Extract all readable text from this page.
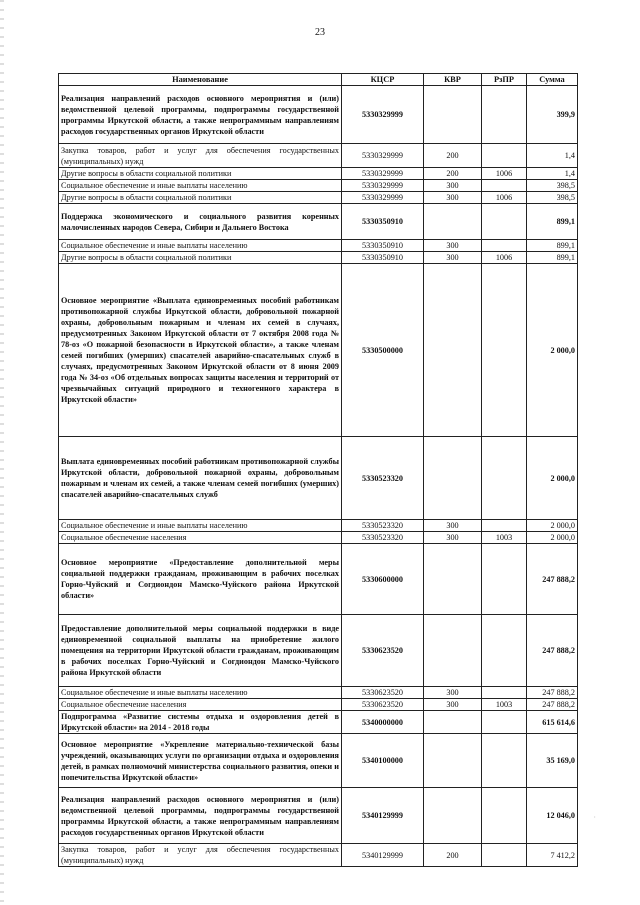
23
·
Наименование	КЦСР	КВР	РзПР	Сумма
Реализация направлений расходов основного мероприятия и (или) ведомственной целевой программы, подпрограммы государственной программы Иркутской области, а также непрограммным направлениям расходов государственных органов Иркутской области	5330329999			399,9
Закупка товаров, работ и услуг для обеспечения государственных (муниципальных) нужд	5330329999	200		1,4
Другие вопросы в области социальной политики	5330329999	200	1006	1,4
Социальное обеспечение и иные выплаты населению	5330329999	300		398,5
Другие вопросы в области социальной политики	5330329999	300	1006	398,5
Поддержка экономического и социального развития коренных малочисленных народов Севера, Сибири и Дальнего Востока	5330350910			899,1
Социальное обеспечение и иные выплаты населению	5330350910	300		899,1
Другие вопросы в области социальной политики	5330350910	300	1006	899,1
Основное мероприятие «Выплата единовременных пособий работникам противопожарной службы Иркутской области, добровольной пожарной охраны, добровольным пожарным и членам их семей в случаях, предусмотренных Законом Иркутской области от 7 октября 2008 года № 78-оз «О пожарной безопасности в Иркутской области», а также членам семей погибших (умерших) спасателей аварийно-спасательных служб в случаях, предусмотренных Законом Иркутской области от 8 июня 2009 года № 34-оз «Об отдельных вопросах защиты населения и территорий от чрезвычайных ситуаций природного и техногенного характера в Иркутской области»	5330500000			2 000,0
Выплата единовременных пособий работникам противопожарной службы Иркутской области, добровольной пожарной охраны, добровольным пожарным и членам их семей, а также членам семей погибших (умерших) спасателей аварийно-спасательных служб	5330523320			2 000,0
Социальное обеспечение и иные выплаты населению	5330523320	300		2 000,0
Социальное обеспечение населения	5330523320	300	1003	2 000,0
Основное мероприятие «Предоставление дополнительной меры социальной поддержки гражданам, проживающим в рабочих поселках Горно-Чуйский и Согдиондон Мамско-Чуйского района Иркутской области»	5330600000			247 888,2
Предоставление дополнительной меры социальной поддержки в виде единовременной социальной выплаты на приобретение жилого помещения на территории Иркутской области гражданам, проживающим в рабочих поселках Горно-Чуйский и Согдиондон Мамско-Чуйского района Иркутской области	5330623520			247 888,2
Социальное обеспечение и иные выплаты населению	5330623520	300		247 888,2
Социальное обеспечение населения	5330623520	300	1003	247 888,2
Подпрограмма «Развитие системы отдыха и оздоровления детей в Иркутской области» на 2014 - 2018 годы	5340000000			615 614,6
Основное мероприятие «Укрепление материально-технической базы учреждений, оказывающих услуги по организации отдыха и оздоровления детей, в рамках полномочий министерства социального развития, опеки и попечительства Иркутской области»	5340100000			35 169,0
Реализация направлений расходов основного мероприятия и (или) ведомственной целевой программы, подпрограммы государственной программы Иркутской области, а также непрограммным направлениям расходов государственных органов Иркутской области	5340129999			12 046,0
Закупка товаров, работ и услуг для обеспечения государственных (муниципальных) нужд	5340129999	200		7 412,2
